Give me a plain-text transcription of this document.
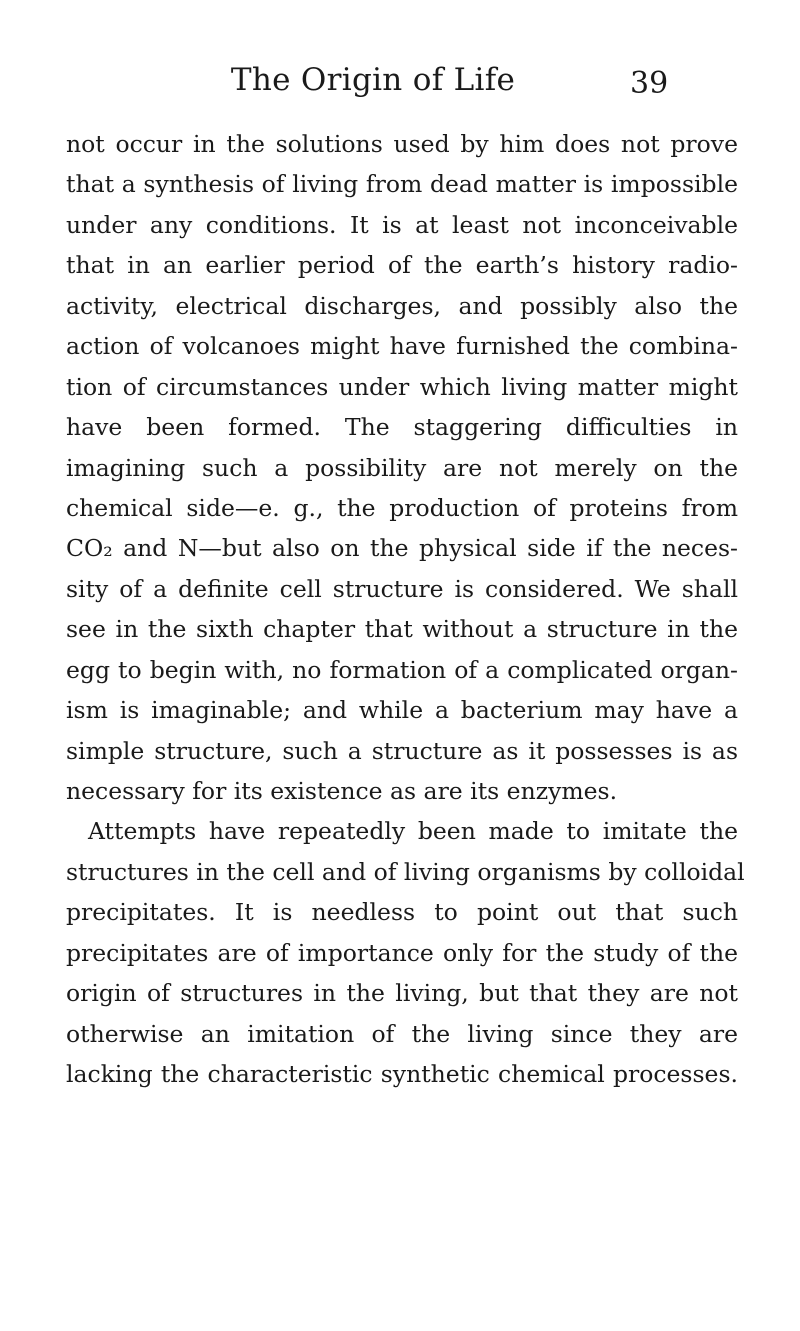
The Origin of Life	39
not occur in the solutions used by him does not prove
that a synthesis of living from dead matter is impossible
under any conditions. It is at least not inconceivable
that in an earlier period of the earth’s history radio-
activity, electrical discharges, and possibly also the
action of volcanoes might have furnished the combina-
tion of circumstances under which living matter might
have been formed. The staggering difficulties in
imagining such a possibility are not merely on the
chemical side—e. g., the production of proteins from
CO₂ and N—but also on the physical side if the neces-
sity of a definite cell structure is considered. We shall
see in the sixth chapter that without a structure in the
egg to begin with, no formation of a complicated organ-
ism is imaginable; and while a bacterium may have a
simple structure, such a structure as it possesses is as
necessary for its existence as are its enzymes.
Attempts have repeatedly been made to imitate the
structures in the cell and of living organisms by colloidal
precipitates. It is needless to point out that such
precipitates are of importance only for the study of the
origin of structures in the living, but that they are not
otherwise an imitation of the living since they are
lacking the characteristic synthetic chemical processes.
